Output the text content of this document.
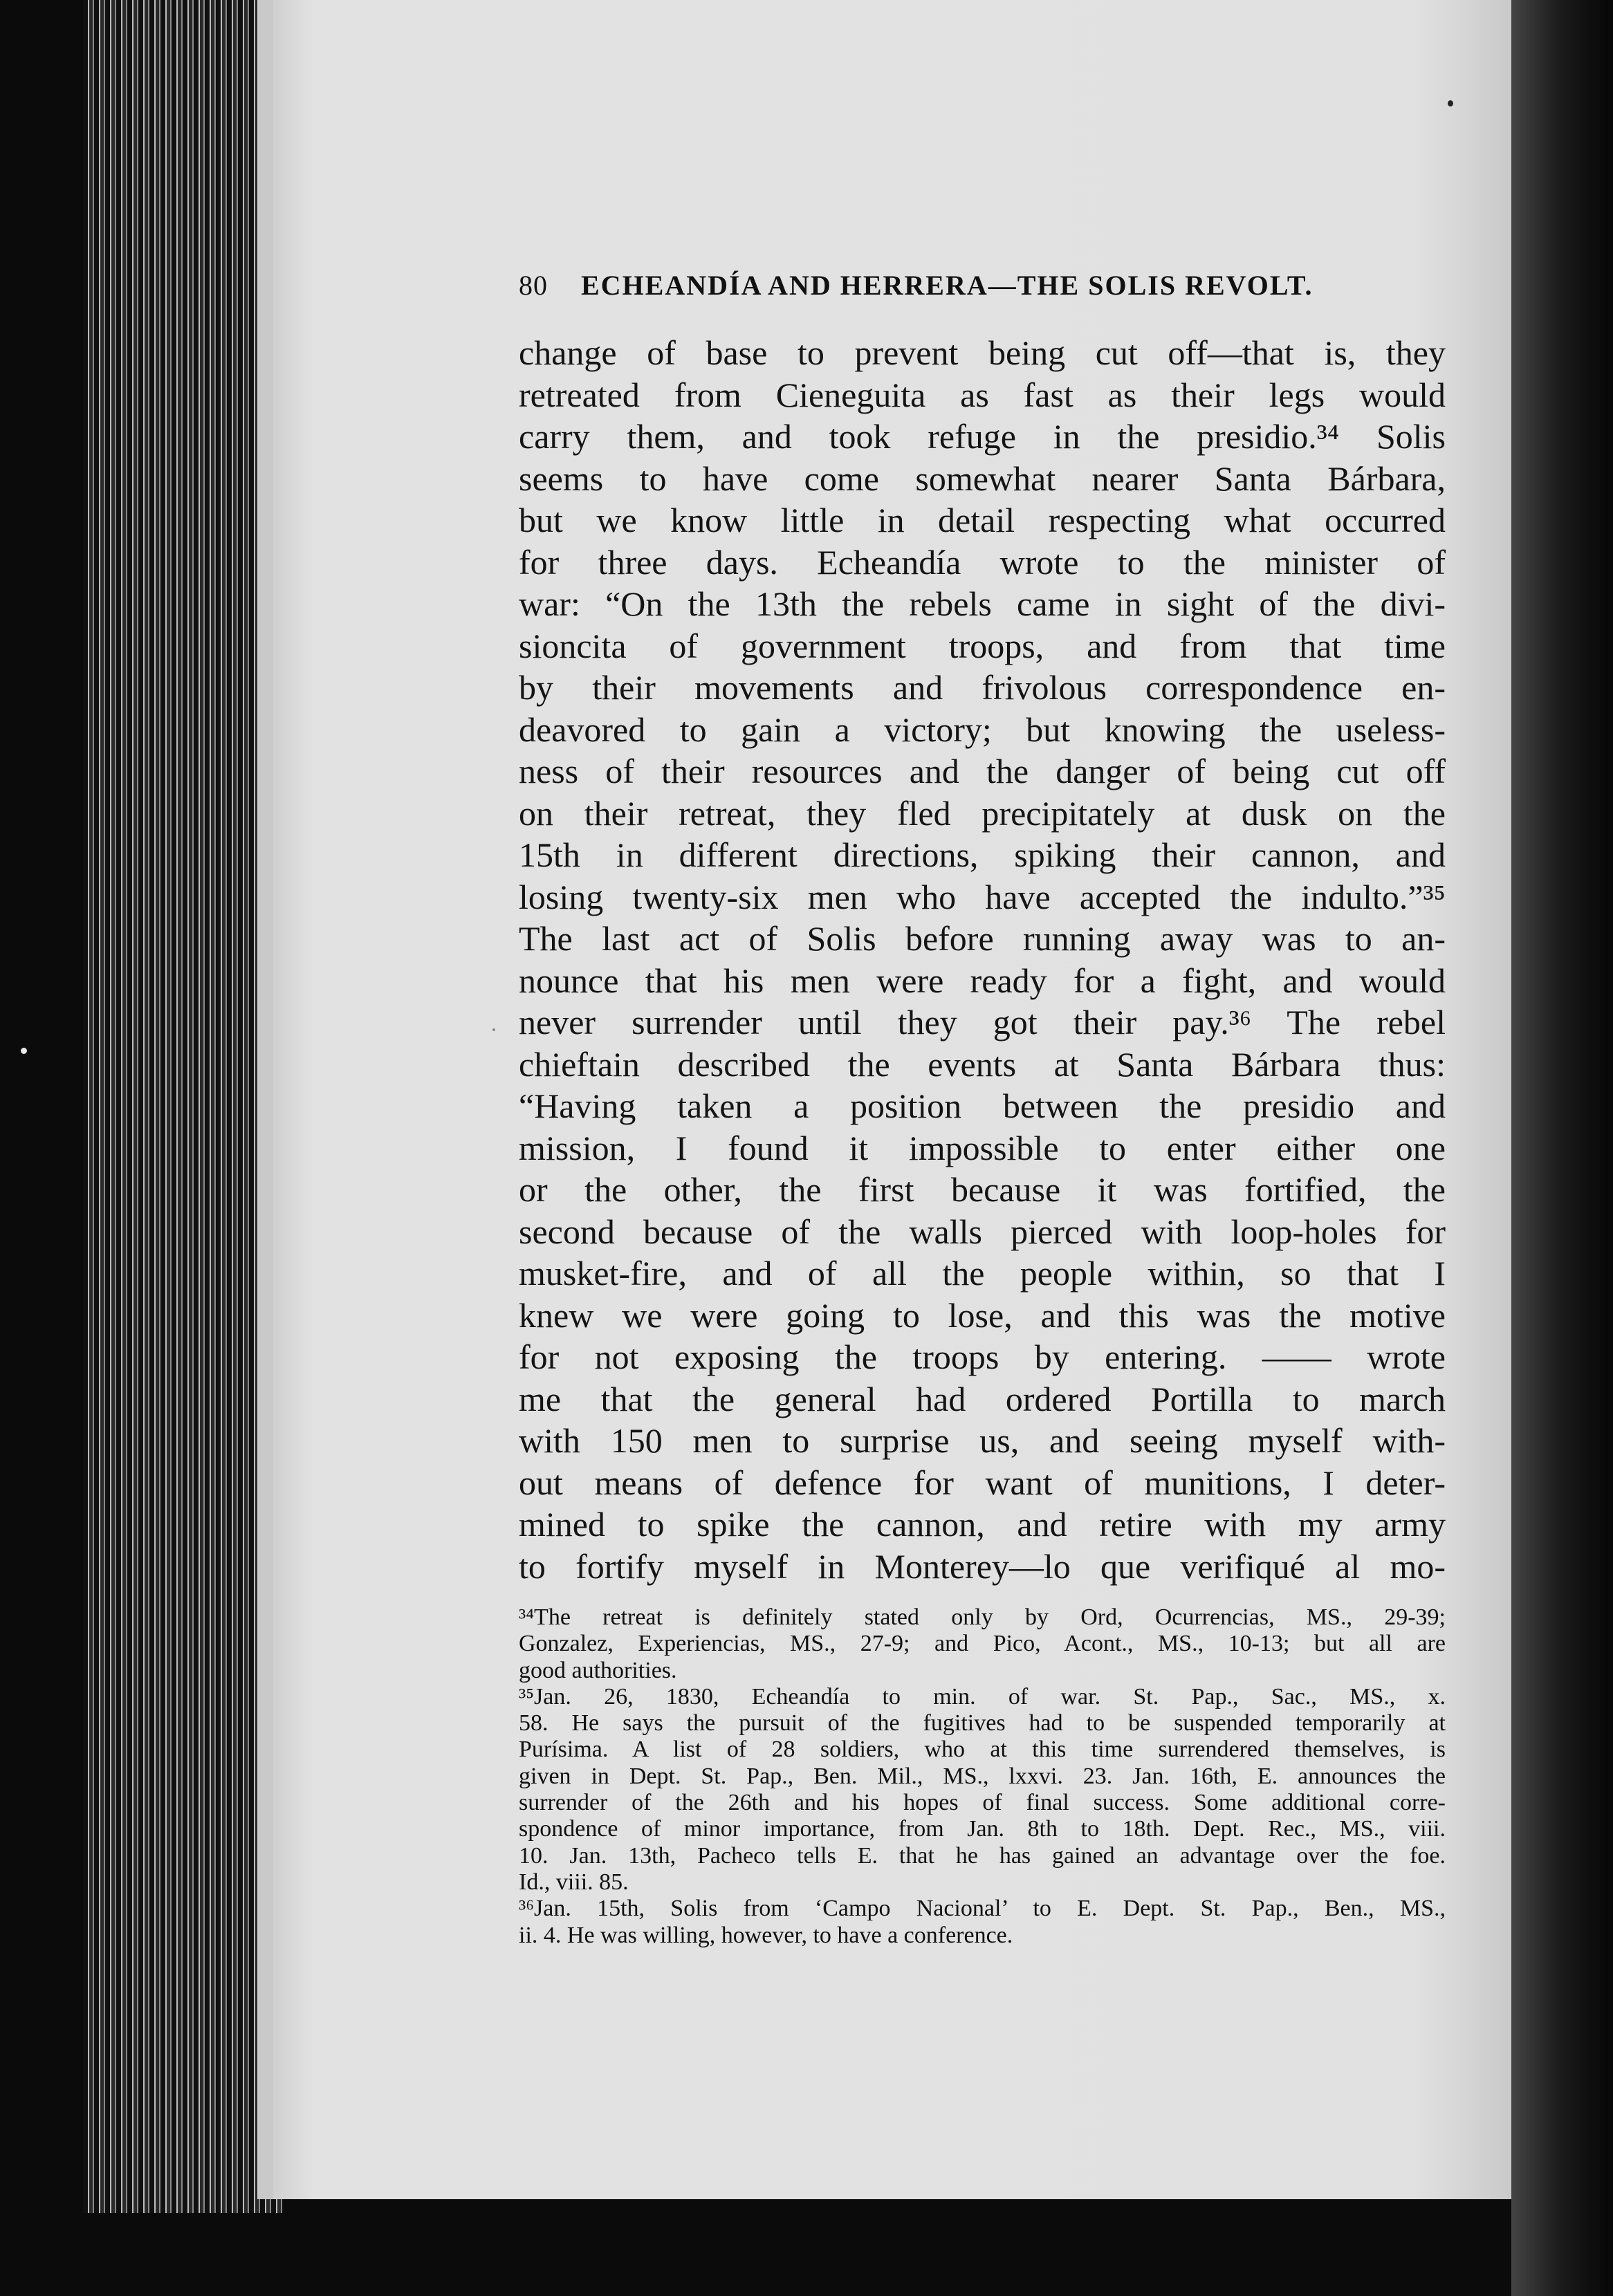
80	ECHEANDÍA AND HERRERA—THE SOLIS REVOLT.
change of base to prevent being cut off—that is, they
retreated from Cieneguita as fast as their legs would
carry them, and took refuge in the presidio.³⁴ Solis
seems to have come somewhat nearer Santa Bárbara,
but we know little in detail respecting what occurred
for three days. Echeandía wrote to the minister of
war: “On the 13th the rebels came in sight of the divi-
sioncita of government troops, and from that time
by their movements and frivolous correspondence en-
deavored to gain a victory; but knowing the useless-
ness of their resources and the danger of being cut off
on their retreat, they fled precipitately at dusk on the
15th in different directions, spiking their cannon, and
losing twenty-six men who have accepted the indulto.”³⁵
The last act of Solis before running away was to an-
nounce that his men were ready for a fight, and would
never surrender until they got their pay.³⁶ The rebel
chieftain described the events at Santa Bárbara thus:
“Having taken a position between the presidio and
mission, I found it impossible to enter either one
or the other, the first because it was fortified, the
second because of the walls pierced with loop-holes for
musket-fire, and of all the people within, so that I
knew we were going to lose, and this was the motive
for not exposing the troops by entering. —— wrote
me that the general had ordered Portilla to march
with 150 men to surprise us, and seeing myself with-
out means of defence for want of munitions, I deter-
mined to spike the cannon, and retire with my army
to fortify myself in Monterey—lo que verifiqué al mo-
³⁴The retreat is definitely stated only by Ord, Ocurrencias, MS., 29-39;
Gonzalez, Experiencias, MS., 27-9; and Pico, Acont., MS., 10-13; but all are
good authorities.
³⁵Jan. 26, 1830, Echeandía to min. of war. St. Pap., Sac., MS., x.
58. He says the pursuit of the fugitives had to be suspended temporarily at
Purísima. A list of 28 soldiers, who at this time surrendered themselves, is
given in Dept. St. Pap., Ben. Mil., MS., lxxvi. 23. Jan. 16th, E. announces the
surrender of the 26th and his hopes of final success. Some additional corre-
spondence of minor importance, from Jan. 8th to 18th. Dept. Rec., MS., viii.
10. Jan. 13th, Pacheco tells E. that he has gained an advantage over the foe.
Id., viii. 85.
³⁶Jan. 15th, Solis from ‘Campo Nacional’ to E. Dept. St. Pap., Ben., MS.,
ii. 4. He was willing, however, to have a conference.
